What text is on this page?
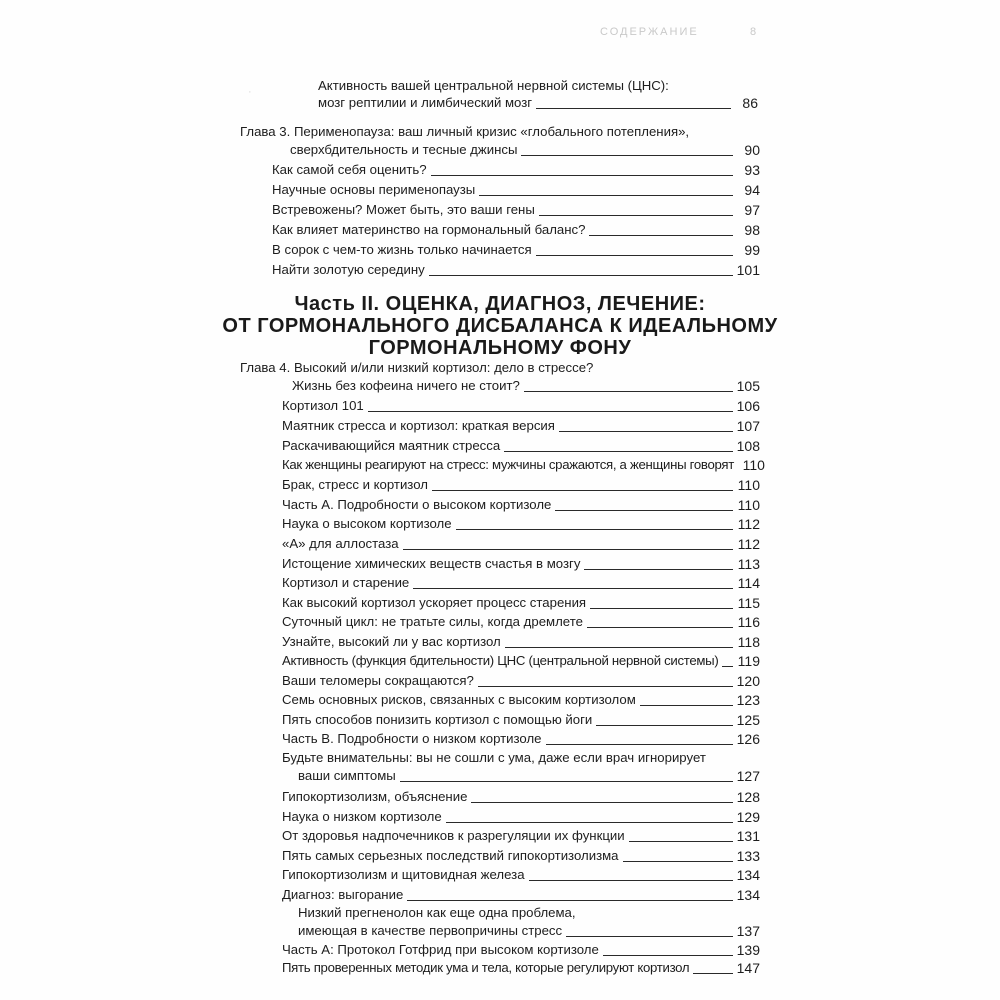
СОДЕРЖАНИЕ	8
·	Активность вашей центральной нервной системы (ЦНС):
мозг рептилии и лимбический мозг	86
Глава 3. Перименопауза: ваш личный кризис «глобального потепления»,
сверхбдительность и тесные джинсы	90
Как самой себя оценить?	93
Научные основы перименопаузы	94
Встревожены? Может быть, это ваши гены	97
Как влияет материнство на гормональный баланс?	98
В сорок с чем-то жизнь только начинается	99
Найти золотую середину	101
Часть II. ОЦЕНКА, ДИАГНОЗ, ЛЕЧЕНИЕ:
ОТ ГОРМОНАЛЬНОГО ДИСБАЛАНСА К ИДЕАЛЬНОМУ
ГОРМОНАЛЬНОМУ ФОНУ
Глава 4. Высокий и/или низкий кортизол: дело в стрессе?
Жизнь без кофеина ничего не стоит?	105
Кортизол 101	106
Маятник стресса и кортизол: краткая версия	107
Раскачивающийся маятник стресса	108
Как женщины реагируют на стресс: мужчины сражаются, а женщины говорят 110
Брак, стресс и кортизол	110
Часть А. Подробности о высоком кортизоле	110
Наука о высоком кортизоле	112
«А» для аллостаза	112
Истощение химических веществ счастья в мозгу	113
Кортизол и старение	114
Как высокий кортизол ускоряет процесс старения	115
Суточный цикл: не тратьте силы, когда дремлете	116
Узнайте, высокий ли у вас кортизол	118
Активность (функция бдительности) ЦНС (центральной нервной системы) 119
Ваши теломеры сокращаются?	120
Семь основных рисков, связанных с высоким кортизолом	123
Пять способов понизить кортизол с помощью йоги	125
Часть В. Подробности о низком кортизоле	126
Будьте внимательны: вы не сошли с ума, даже если врач игнорирует
ваши симптомы	127
Гипокортизолизм, объяснение	128
Наука о низком кортизоле	129
От здоровья надпочечников к разрегуляции их функции	131
Пять самых серьезных последствий гипокортизолизма	133
Гипокортизолизм и щитовидная железа	134
Диагноз: выгорание	134
Низкий прегненолон как еще одна проблема,
имеющая в качестве первопричины стресс	137
Часть А: Протокол Готфрид при высоком кортизоле	139
Пять проверенных методик ума и тела, которые регулируют кортизол	147
